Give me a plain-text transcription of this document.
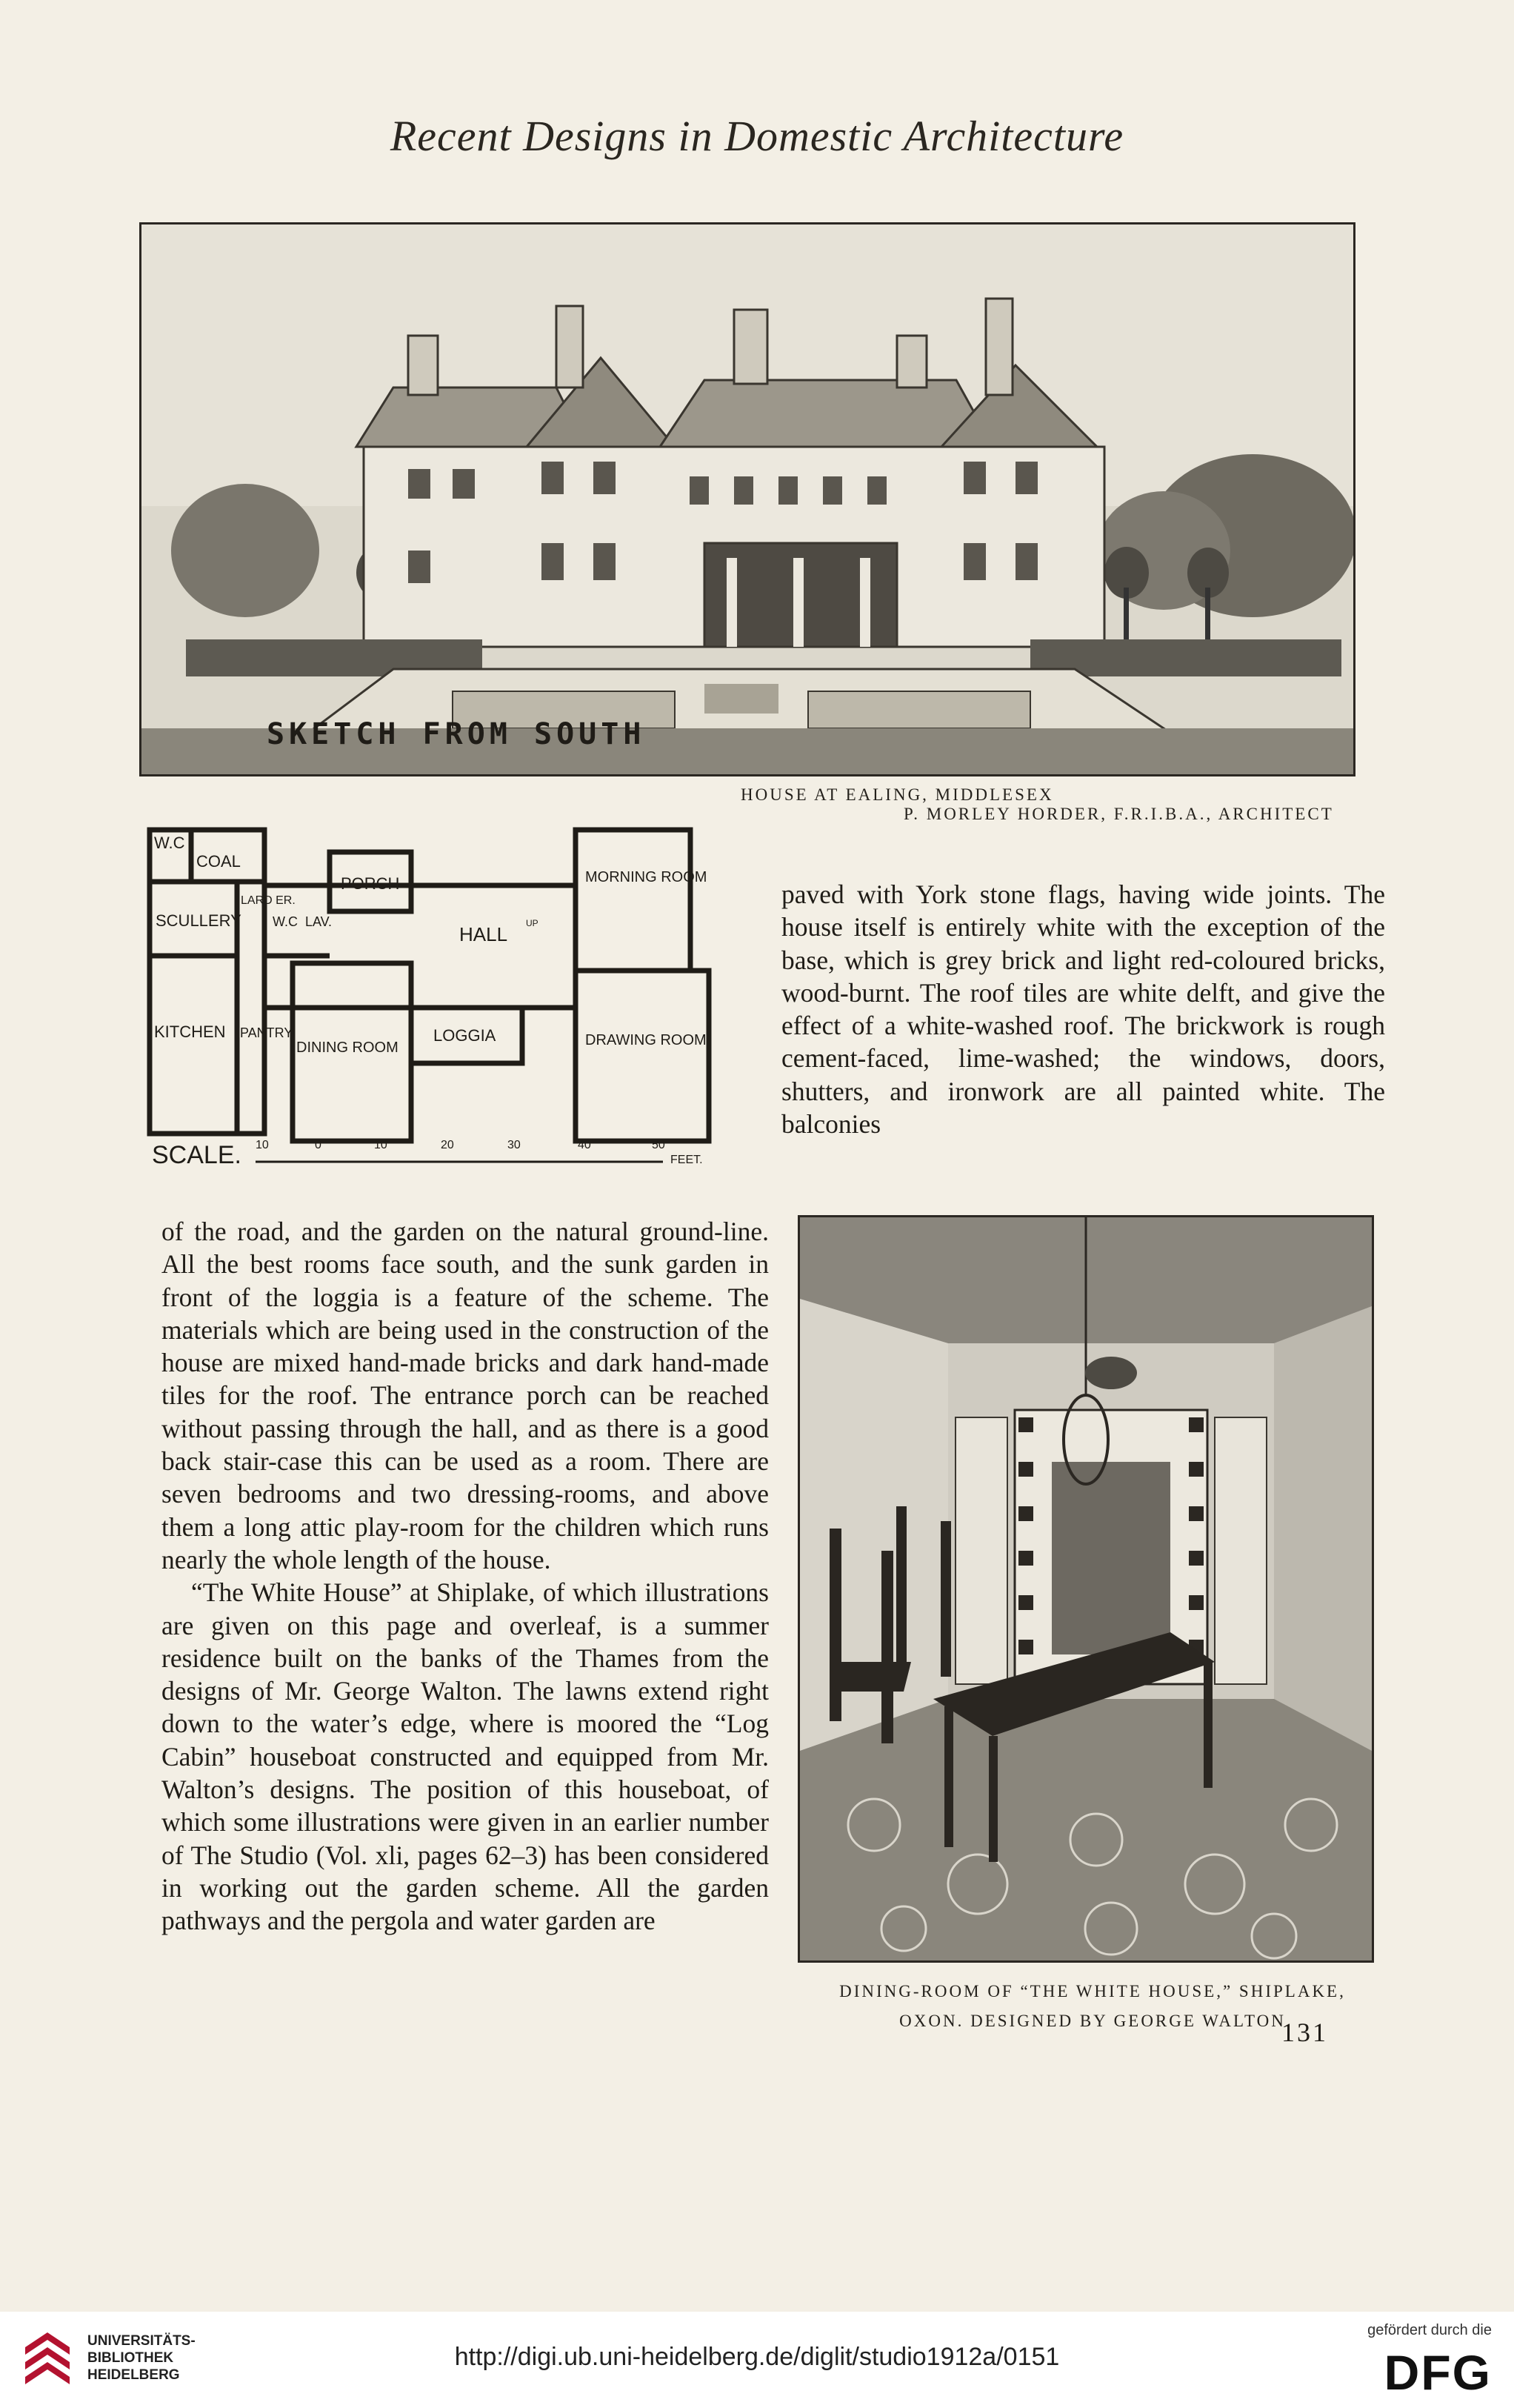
Recent Designs in Domestic Architecture
SKETCH FROM SOUTH
HOUSE AT EALING, MIDDLESEX
P. MORLEY HORDER, F.R.I.B.A., ARCHITECT
W.C
COAL
SCULLERY
LARD ER.
W.C LAV.
PORCH	MORNING ROOM
HALL UP
KITCHEN PANTRY
DINING ROOM
LOGGIA	DRAWING ROOM
SCALE. 10	0	10	20	30	40	50
FEET.

paved with York stone flags, having wide joints. The house itself is entirely white with the exception of the base, which is grey brick and light red-coloured bricks, wood-burnt. The roof tiles are white delft, and give the effect of a white-washed roof. The brickwork is rough cement-faced, lime-washed; the windows, doors, shutters, and ironwork are all painted white. The balconies

of the road, and the garden on the natural ground-line. All the best rooms face south, and the sunk garden in front of the loggia is a feature of the scheme. The materials which are being used in the construction of the house are mixed hand-made bricks and dark hand-made tiles for the roof. The entrance porch can be reached without passing through the hall, and as there is a good back stair-case this can be used as a room. There are seven bedrooms and two dressing-rooms, and above them a long attic play-room for the children which runs nearly the whole length of the house.

“The White House” at Shiplake, of which illustrations are given on this page and overleaf, is a summer residence built on the banks of the Thames from the designs of Mr. George Walton. The lawns extend right down to the water’s edge, where is moored the “Log Cabin” houseboat constructed and equipped from Mr. Walton’s designs. The position of this houseboat, of which some illustrations were given in an earlier number of The Studio (Vol. xli, pages 62–3) has been considered in working out the garden scheme. All the garden pathways and the pergola and water garden are

DINING-ROOM OF “THE WHITE HOUSE,” SHIPLAKE,
OXON. DESIGNED BY GEORGE WALTON
131
UNIVERSITÄTS-
BIBLIOTHEK
HEIDELBERG
http://digi.ub.uni-heidelberg.de/diglit/studio1912a/0151
gefördert durch die
DFG
